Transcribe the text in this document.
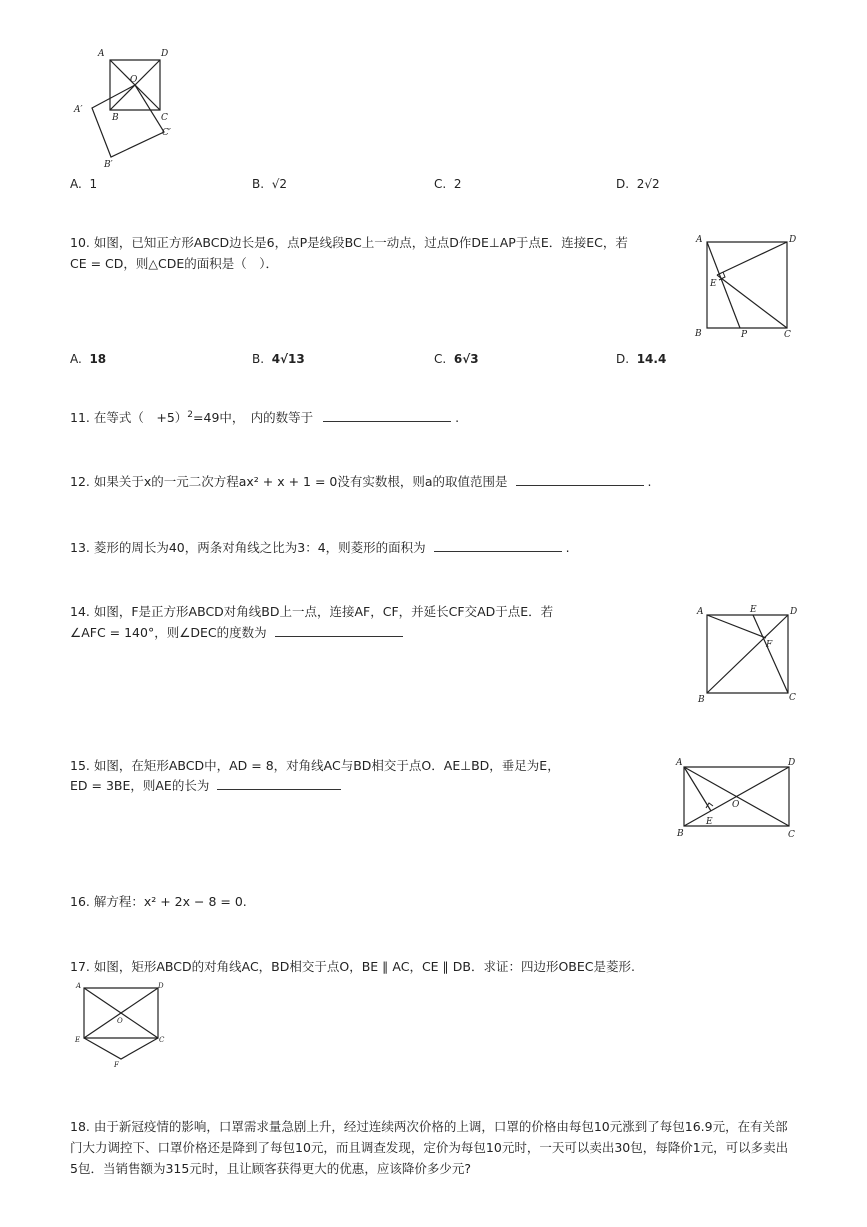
A	D
O
B	C
A′
C′
B′
A. 1	B. √2	C. 2	D. 2√2
10. 如图，已知正方形ABCD边长是6，点P是线段BC上一动点，过点D作DE⊥AP于点E．连接EC，若
CE = CD，则△CDE的面积是（　）．
A	D
E
B	P	C
A. 18	B. 4√13	C. 6√3	D. 14.4
11. 在等式（　+5）$^2$=49中，　内的数等于	.
12. 如果关于x的一元二次方程ax² + x + 1 = 0没有实数根，则a的取值范围是	.
13. 菱形的周长为40，两条对角线之比为3：4，则菱形的面积为	.
14. 如图，F是正方形ABCD对角线BD上一点，连接AF，CF，并延长CF交AD于点E．若
∠AFC = 140°，则∠DEC的度数为
A	E	D
F
B	C
15. 如图，在矩形ABCD中，AD = 8，对角线AC与BD相交于点O．AE⊥BD，垂足为E，
ED = 3BE，则AE的长为
A	D
O
B
E
C
16. 解方程：x² + 2x − 8 = 0.
17. 如图，矩形ABCD的对角线AC，BD相交于点O，BE ∥ AC，CE ∥ DB．求证：四边形OBEC是菱形.
A	D
O
E	C
F
18. 由于新冠疫情的影响，口罩需求量急剧上升，经过连续两次价格的上调，口罩的价格由每包10元涨到了每包16.9元，在有关部
门大力调控下、口罩价格还是降到了每包10元，而且调查发现，定价为每包10元时，一天可以卖出30包，每降价1元，可以多卖出
5包．当销售额为315元时，且让顾客获得更大的优惠，应该降价多少元?
